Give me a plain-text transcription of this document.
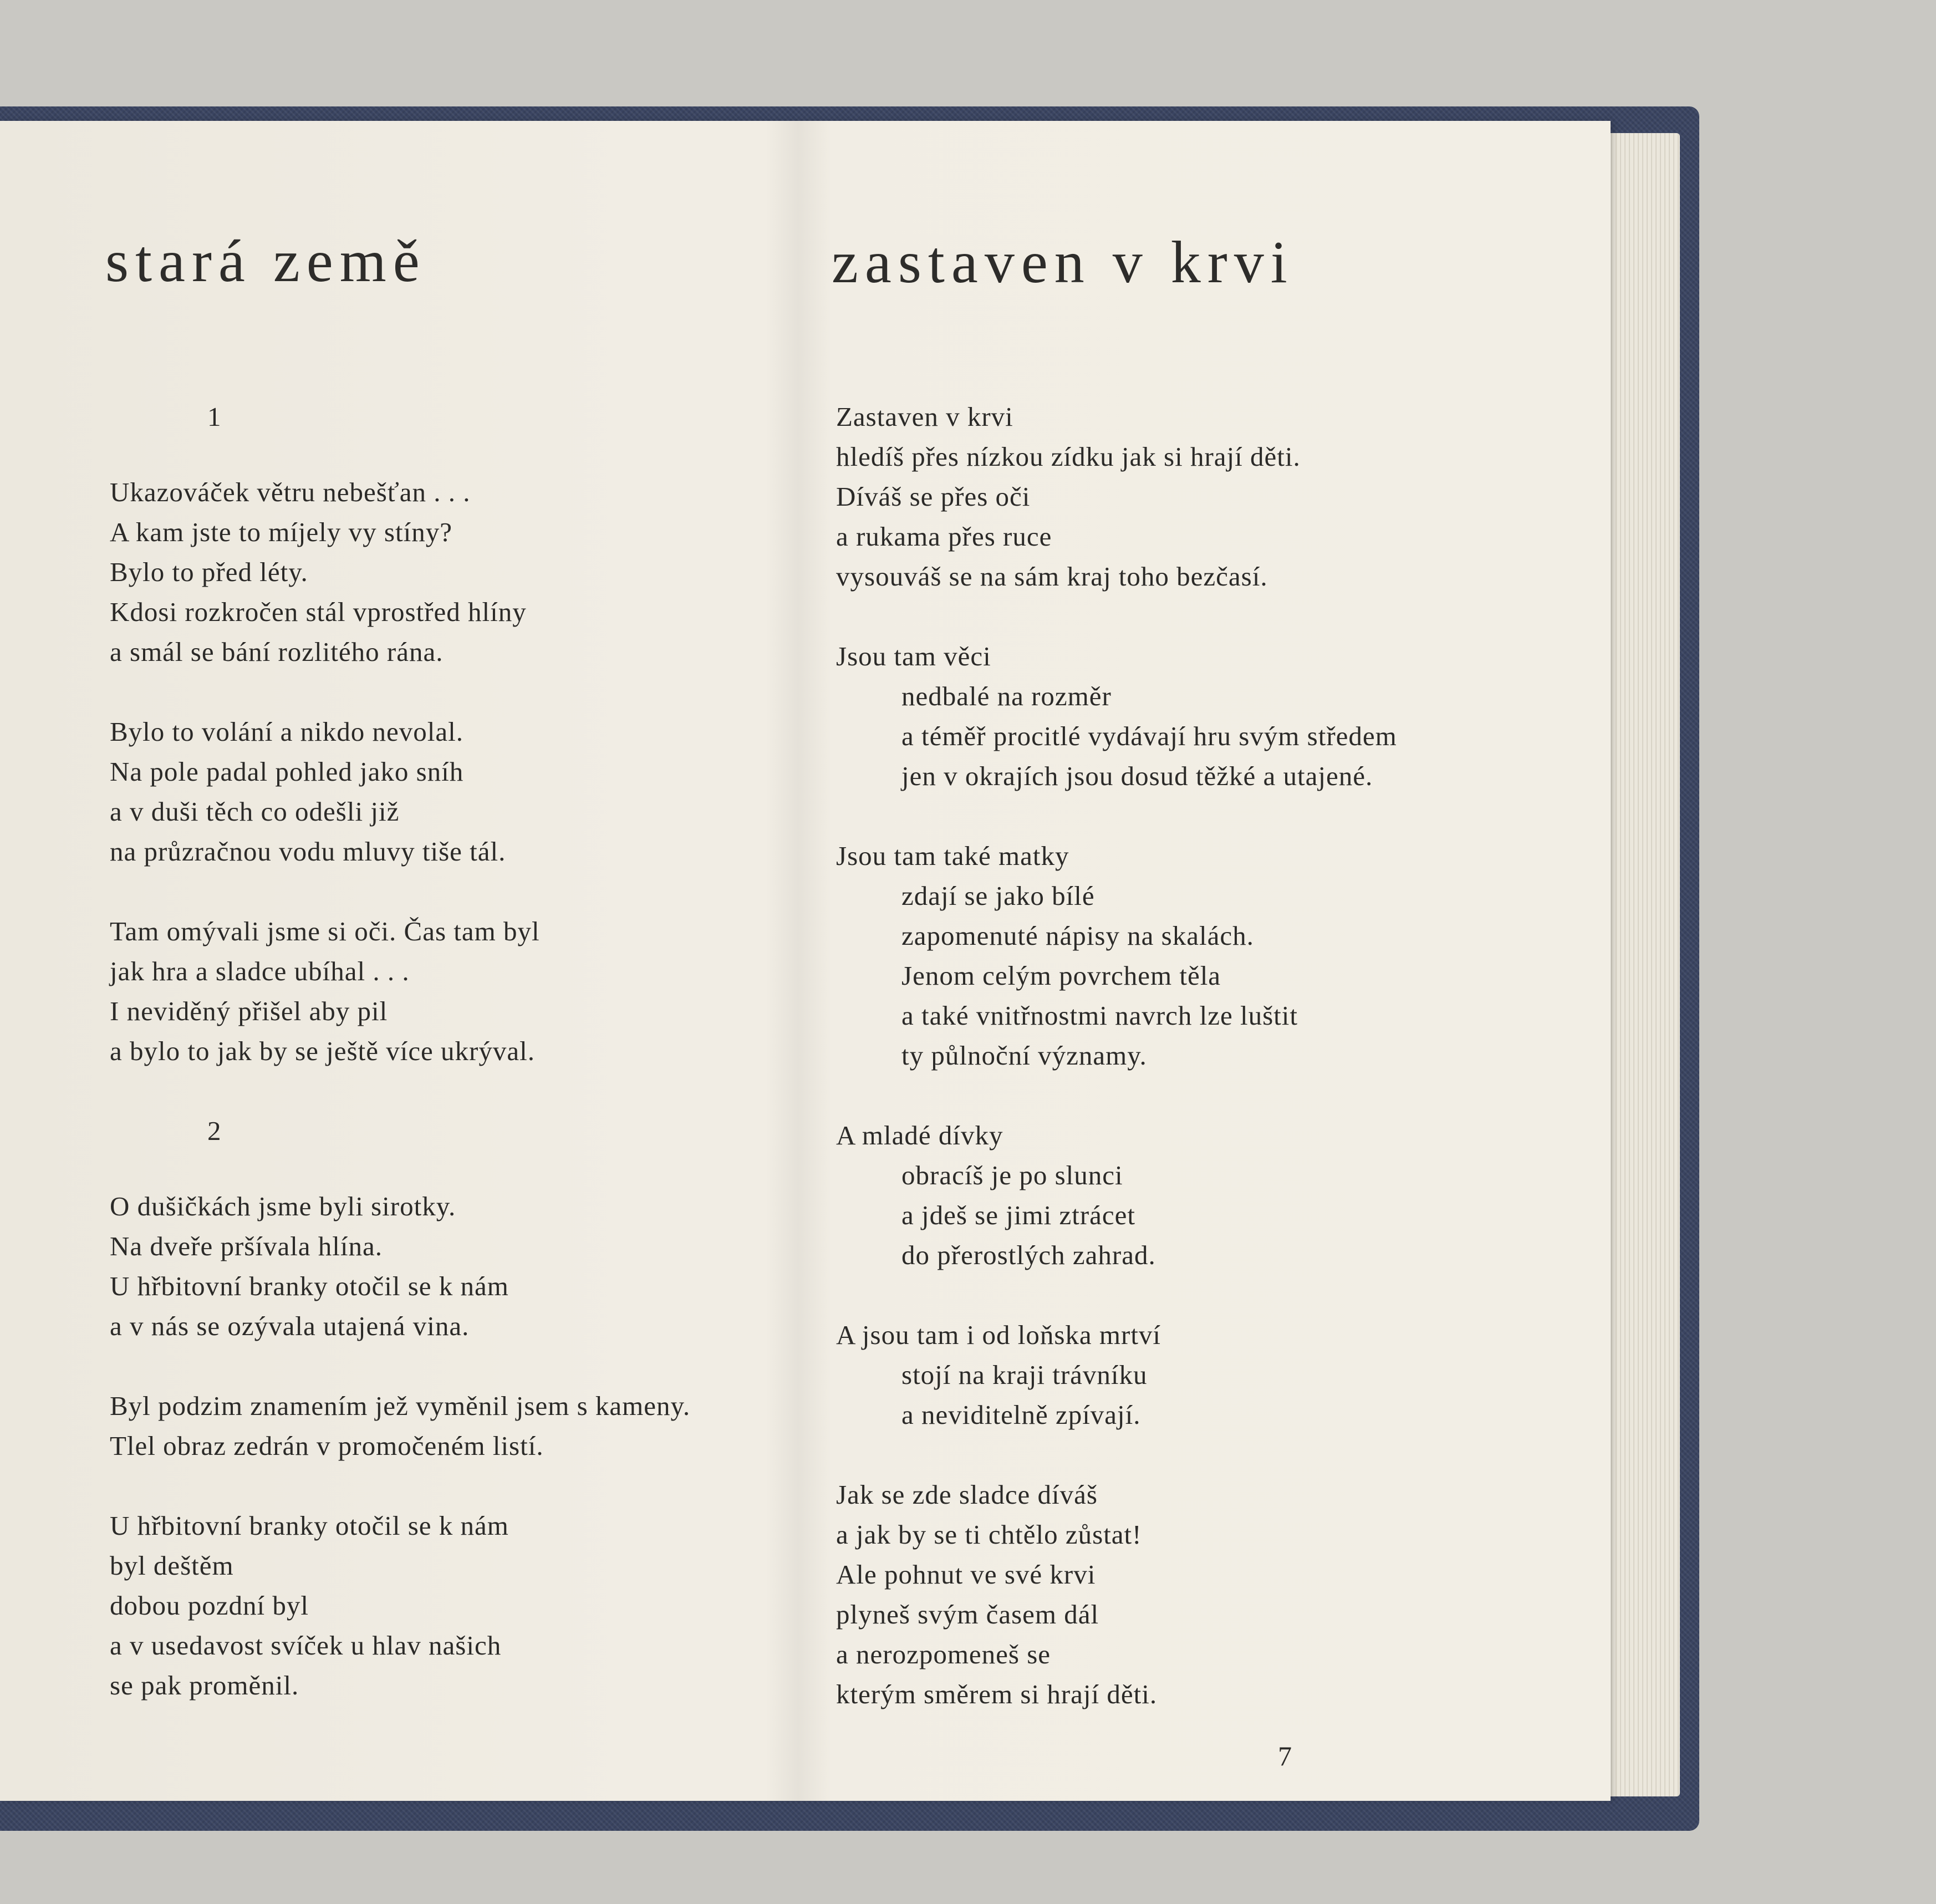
stará země	zastaven v krvi
1
Ukazováček větru nebešťan . . .
A kam jste to míjely vy stíny?
Bylo to před léty.
Kdosi rozkročen stál vprostřed hlíny
a smál se bání rozlitého rána.
Bylo to volání a nikdo nevolal.
Na pole padal pohled jako sníh
a v duši těch co odešli již
na průzračnou vodu mluvy tiše tál.
Tam omývali jsme si oči. Čas tam byl
jak hra a sladce ubíhal . . .
I neviděný přišel aby pil
a bylo to jak by se ještě více ukrýval.
2
O dušičkách jsme byli sirotky.
Na dveře pršívala hlína.
U hřbitovní branky otočil se k nám
a v nás se ozývala utajená vina.
Byl podzim znamením jež vyměnil jsem s kameny.
Tlel obraz zedrán v promočeném listí.
U hřbitovní branky otočil se k nám
byl deštěm
dobou pozdní byl
a v usedavost svíček u hlav našich
se pak proměnil.
Zastaven v krvi
hledíš přes nízkou zídku jak si hrají děti.
Díváš se přes oči
a rukama přes ruce
vysouváš se na sám kraj toho bezčasí.
Jsou tam věci
nedbalé na rozměr
a téměř procitlé vydávají hru svým středem
jen v okrajích jsou dosud těžké a utajené.
Jsou tam také matky
zdají se jako bílé
zapomenuté nápisy na skalách.
Jenom celým povrchem těla
a také vnitřnostmi navrch lze luštit
ty půlnoční významy.
A mladé dívky
obracíš je po slunci
a jdeš se jimi ztrácet
do přerostlých zahrad.
A jsou tam i od loňska mrtví
stojí na kraji trávníku
a neviditelně zpívají.
Jak se zde sladce díváš
a jak by se ti chtělo zůstat!
Ale pohnut ve své krvi
plyneš svým časem dál
a nerozpomeneš se
kterým směrem si hrají děti.
7
